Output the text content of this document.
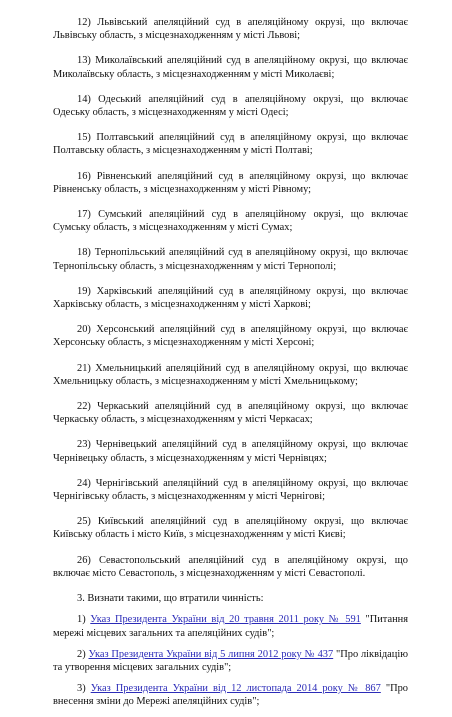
12) Львівський апеляційний суд в апеляційному окрузі, що включає Львівську область, з місцезнаходженням у місті Львові;

13) Миколаївський апеляційний суд в апеляційному окрузі, що включає Миколаївську область, з місцезнаходженням у місті Миколаєві;

14) Одеський апеляційний суд в апеляційному окрузі, що включає Одеську область, з місцезнаходженням у місті Одесі;

15) Полтавський апеляційний суд в апеляційному окрузі, що включає Полтавську область, з місцезнаходженням у місті Полтаві;

16) Рівненський апеляційний суд в апеляційному окрузі, що включає Рівненську область, з місцезнаходженням у місті Рівному;

17) Сумський апеляційний суд в апеляційному окрузі, що включає Сумську область, з місцезнаходженням у місті Сумах;

18) Тернопільський апеляційний суд в апеляційному окрузі, що включає Тернопільську область, з місцезнаходженням у місті Тернополі;

19) Харківський апеляційний суд в апеляційному окрузі, що включає Харківську область, з місцезнаходженням у місті Харкові;

20) Херсонський апеляційний суд в апеляційному окрузі, що включає Херсонську область, з місцезнаходженням у місті Херсоні;

21) Хмельницький апеляційний суд в апеляційному окрузі, що включає Хмельницьку область, з місцезнаходженням у місті Хмельницькому;

22) Черкаський апеляційний суд в апеляційному окрузі, що включає Черкаську область, з місцезнаходженням у місті Черкасах;

23) Чернівецький апеляційний суд в апеляційному окрузі, що включає Чернівецьку область, з місцезнаходженням у місті Чернівцях;

24) Чернігівський апеляційний суд в апеляційному окрузі, що включає Чернігівську область, з місцезнаходженням у місті Чернігові;

25) Київський апеляційний суд в апеляційному окрузі, що включає Київську область і місто Київ, з місцезнаходженням у місті Києві;

26) Севастопольський апеляційний суд в апеляційному окрузі, що включає місто Севастополь, з місцезнаходженням у місті Севастополі.

3. Визнати такими, що втратили чинність:

1) Указ Президента України від 20 травня 2011 року № 591 "Питання мережі місцевих загальних та апеляційних судів";

2) Указ Президента України від 5 липня 2012 року № 437 "Про ліквідацію та утворення місцевих загальних судів";

3) Указ Президента України від 12 листопада 2014 року № 867 "Про внесення зміни до Мережі апеляційних судів";
